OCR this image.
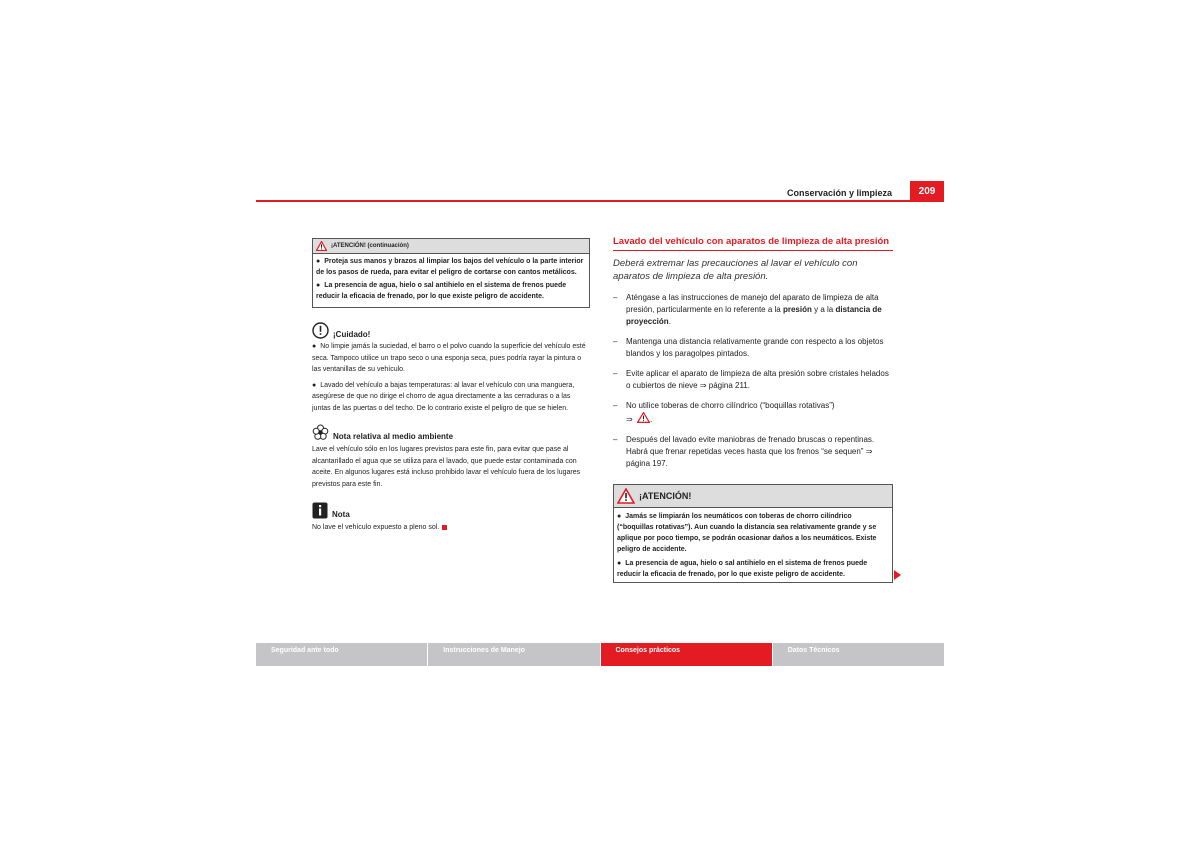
Conservación y limpieza	209
¡ATENCIÓN! (continuación)

● Proteja sus manos y brazos al limpiar los bajos del vehículo o la parte interior de los pasos de rueda, para evitar el peligro de cortarse con cantos metálicos.

● La presencia de agua, hielo o sal antihielo en el sistema de frenos puede reducir la eficacia de frenado, por lo que existe peligro de accidente.

¡Cuidado!

● No limpie jamás la suciedad, el barro o el polvo cuando la superficie del vehículo esté seca. Tampoco utilice un trapo seco o una esponja seca, pues podría rayar la pintura o las ventanillas de su vehículo.

● Lavado del vehículo a bajas temperaturas: al lavar el vehículo con una manguera, asegúrese de que no dirige el chorro de agua directamente a las cerraduras o a las juntas de las puertas o del techo. De lo contrario existe el peligro de que se hielen.

Nota relativa al medio ambiente

Lave el vehículo sólo en los lugares previstos para este fin, para evitar que pase al alcantarillado el agua que se utiliza para el lavado, que puede estar contaminada con aceite. En algunos lugares está incluso prohibido lavar el vehículo fuera de los lugares previstos para este fin.

Nota

No lave el vehículo expuesto a pleno sol.

Lavado del vehículo con aparatos de limpieza de alta presión

Deberá extremar las precauciones al lavar el vehículo con aparatos de limpieza de alta presión.

–	Aténgase a las instrucciones de manejo del aparato de limpieza de alta presión, particularmente en lo referente a la presión y a la distancia de proyección.
–	Mantenga una distancia relativamente grande con respecto a los objetos blandos y los paragolpes pintados.
–	Evite aplicar el aparato de limpieza de alta presión sobre cristales helados o cubiertos de nieve ⇒ página 211.
–	No utilice toberas de chorro cilíndrico (“boquillas rotativas”)
⇒ .
–	Después del lavado evite maniobras de frenado bruscas o repentinas. Habrá que frenar repetidas veces hasta que los frenos “se sequen” ⇒ página 197.
¡ATENCIÓN!

● Jamás se limpiarán los neumáticos con toberas de chorro cilíndrico (“boquillas rotativas”). Aun cuando la distancia sea relativamente grande y se aplique por poco tiempo, se podrán ocasionar daños a los neumáticos. Existe peligro de accidente.

● La presencia de agua, hielo o sal antihielo en el sistema de frenos puede reducir la eficacia de frenado, por lo que existe peligro de accidente.

Seguridad ante todo	Instrucciones de Manejo	Consejos prácticos	Datos Técnicos
